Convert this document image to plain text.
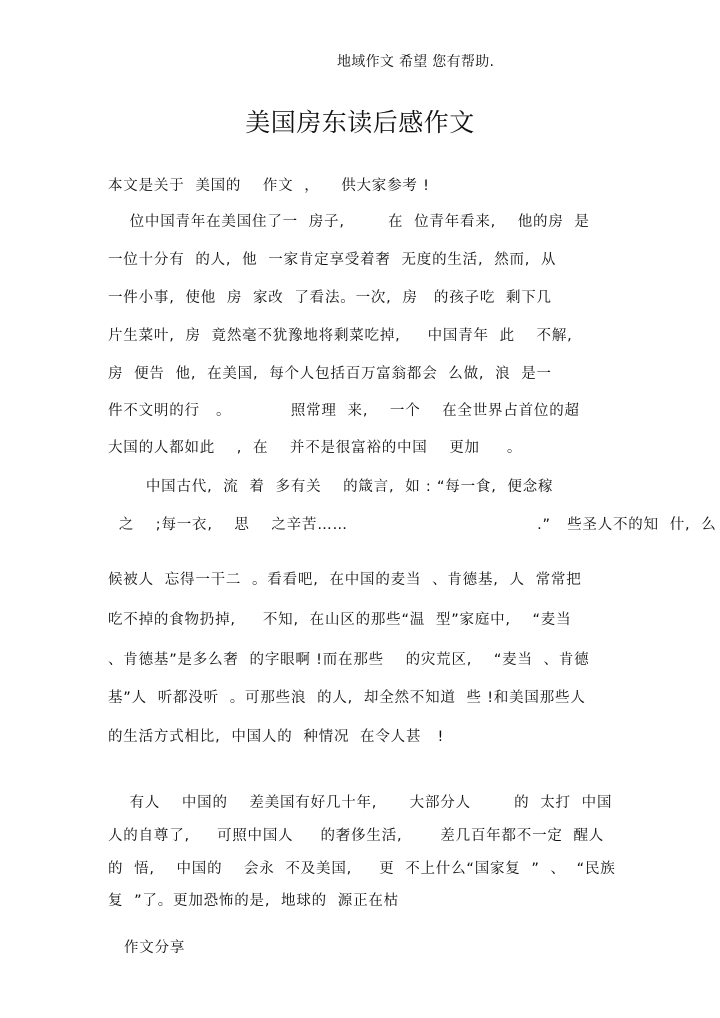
地域作文 希望 您有帮助.
美国房东读后感作文
本文是关于  美国的    作文  ，    供大家参考 !
位中国青年在美国住了一  房子,        在  位青年看来,    他的房  是
一位十分有  的人,  他  一家肯定享受着奢  无度的生活,  然而,  从
一件小事,  使他  房  家改  了看法。一次,  房   的孩子吃  剩下几
片生菜叶,  房  竟然毫不犹豫地将剩菜吃掉,     中国青年  此    不解,
房  便告  他,  在美国,  每个人包括百万富翁都会  么做,  浪  是一
件不文明的行   。           照常理  来,    一个    在全世界占首位的超
大国的人都如此    ,  在    并不是很富裕的中国    更加     。
中国古代,  流  着  多有关    的箴言,  如 : “每一食,  便念稼
之    ;每一衣,    思    之辛苦……                                   .”   些圣人不的知  什,  么
候被人  忘得一干二  。看看吧,  在中国的麦当  、肯德基,  人  常常把
吃不掉的食物扔掉,     不知,  在山区的那些“温  型”家庭中,    “麦当
、肯德基”是多么奢  的字眼啊 !而在那些    的灾荒区,    “麦当  、肯德
基”人  听都没听  。可那些浪  的人,  却全然不知道  些 !和美国那些人
的生活方式相比,  中国人的  种情况  在令人甚   !
有人    中国的    差美国有好几十年,      大部分人        的  太打  中国
人的自尊了,     可照中国人     的奢侈生活,       差几百年都不一定  醒人
的  悟,    中国的    会永  不及美国,     更  不上什么“国家复  ”  、  “民族
复  ”了。更加恐怖的是,  地球的  源正在枯
作文分享
